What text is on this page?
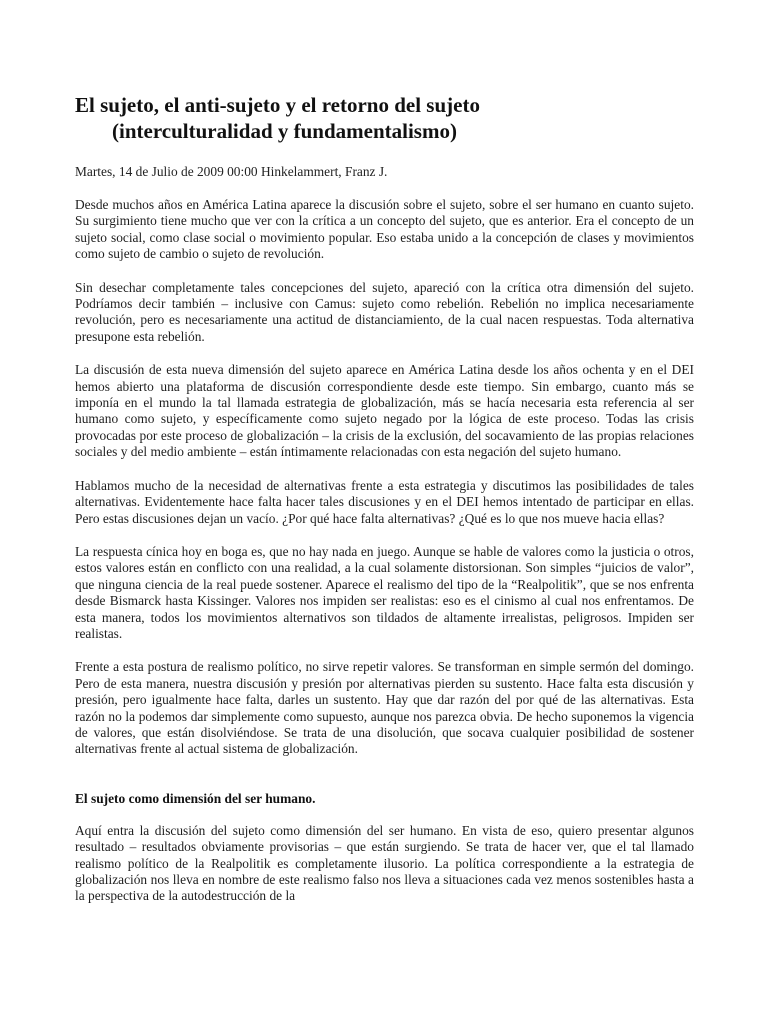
El sujeto, el anti-sujeto y el retorno del sujeto
(interculturalidad y fundamentalismo)

Martes, 14 de Julio de 2009 00:00 Hinkelammert, Franz J.

Desde muchos años en América Latina aparece la discusión sobre el sujeto, sobre el ser humano en cuanto sujeto. Su surgimiento tiene mucho que ver con la crítica a un concepto del sujeto, que es anterior. Era el concepto de un sujeto social, como clase social o movimiento popular. Eso estaba unido a la concepción de clases y movimientos como sujeto de cambio o sujeto de revolución.

Sin desechar completamente tales concepciones del sujeto, apareció con la crítica otra dimensión del sujeto. Podríamos decir también – inclusive con Camus: sujeto como rebelión. Rebelión no implica necesariamente revolución, pero es necesariamente una actitud de distanciamiento, de la cual nacen respuestas. Toda alternativa presupone esta rebelión.

La discusión de esta nueva dimensión del sujeto aparece en América Latina desde los años ochenta y en el DEI hemos abierto una plataforma de discusión correspondiente desde este tiempo. Sin embargo, cuanto más se imponía en el mundo la tal llamada estrategia de globalización, más se hacía necesaria esta referencia al ser humano como sujeto, y específicamente como sujeto negado por la lógica de este proceso. Todas las crisis provocadas por este proceso de globalización – la crisis de la exclusión, del socavamiento de las propias relaciones sociales y del medio ambiente – están íntimamente relacionadas con esta negación del sujeto humano.

Hablamos mucho de la necesidad de alternativas frente a esta estrategia y discutimos las posibilidades de tales alternativas. Evidentemente hace falta hacer tales discusiones y en el DEI hemos intentado de participar en ellas. Pero estas discusiones dejan un vacío. ¿Por qué hace falta alternativas? ¿Qué es lo que nos mueve hacia ellas?

La respuesta cínica hoy en boga es, que no hay nada en juego. Aunque se hable de valores como la justicia o otros, estos valores están en conflicto con una realidad, a la cual solamente distorsionan. Son simples “juicios de valor”, que ninguna ciencia de la real puede sostener. Aparece el realismo del tipo de la “Realpolitik”, que se nos enfrenta desde Bismarck hasta Kissinger. Valores nos impiden ser realistas: eso es el cinismo al cual nos enfrentamos. De esta manera, todos los movimientos alternativos son tildados de altamente irrealistas, peligrosos. Impiden ser realistas.

Frente a esta postura de realismo político, no sirve repetir valores. Se transforman en simple sermón del domingo. Pero de esta manera, nuestra discusión y presión por alternativas pierden su sustento. Hace falta esta discusión y presión, pero igualmente hace falta, darles un sustento. Hay que dar razón del por qué de las alternativas. Esta razón no la podemos dar simplemente como supuesto, aunque nos parezca obvia. De hecho suponemos la vigencia de valores, que están disolviéndose. Se trata de una disolución, que socava cualquier posibilidad de sostener alternativas frente al actual sistema de globalización.

El sujeto como dimensión del ser humano.

Aquí entra la discusión del sujeto como dimensión del ser humano. En vista de eso, quiero presentar algunos resultado – resultados obviamente provisorias – que están surgiendo. Se trata de hacer ver, que el tal llamado realismo político de la Realpolitik es completamente ilusorio. La política correspondiente a la estrategia de globalización nos lleva en nombre de este realismo falso nos lleva a situaciones cada vez menos sostenibles hasta a la perspectiva de la autodestrucción de la
